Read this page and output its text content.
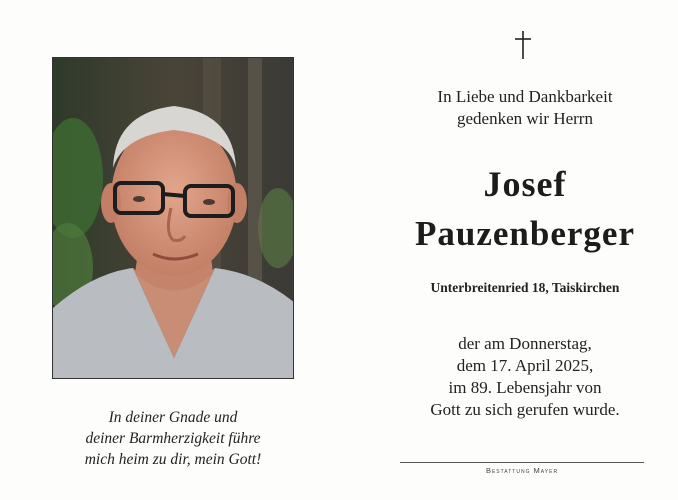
In deiner Gnade und
deiner Barmherzigkeit führe
mich heim zu dir, mein Gott!
In Liebe und Dankbarkeit
gedenken wir Herrn
Josef
Pauzenberger
Unterbreitenried 18, Taiskirchen
der am Donnerstag,
dem 17. April 2025,
im 89. Lebensjahr von
Gott zu sich gerufen wurde.
Bestattung Mayer
